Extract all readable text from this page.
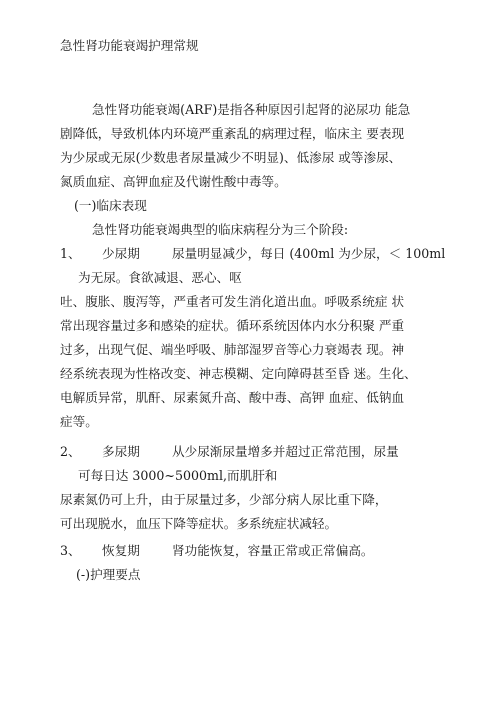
急性肾功能衰竭护理常规
急性肾功能衰竭(ARF)是指各种原因引起肾的泌尿功 能急
剧降低，导致机体内环境严重紊乱的病理过程，临床主 要表现
为少尿或无尿(少数患者尿量减少不明显)、低渗尿 或等渗尿、
氮质血症、高钾血症及代谢性酸中毒等。
(一)临床表现
急性肾功能衰竭典型的临床病程分为三个阶段:
1、 少尿期	尿量明显减少，每日 (400ml 为少尿，＜ 100ml
为无尿。食欲减退、恶心、呕
吐、腹胀、腹泻等，严重者可发生消化道出血。呼吸系统症 状
常出现容量过多和感染的症状。循环系统因体内水分积聚 严重
过多，出现气促、端坐呼吸、肺部湿罗音等心力衰竭表 现。神
经系统表现为性格改变、神志模糊、定向障碍甚至昏 迷。生化、
电解质异常，肌酐、尿素氮升高、酸中毒、高钾 血症、低钠血
症等。
2、 多尿期	从少尿渐尿量增多并超过正常范围，尿量
可每日达 3000~5000ml,而肌肝和
尿素氮仍可上升，由于尿量过多，少部分病人尿比重下降，
可出现脱水，血压下降等症状。多系统症状减轻。
3、 恢复期	肾功能恢复，容量正常或正常偏高。
(-)护理要点
